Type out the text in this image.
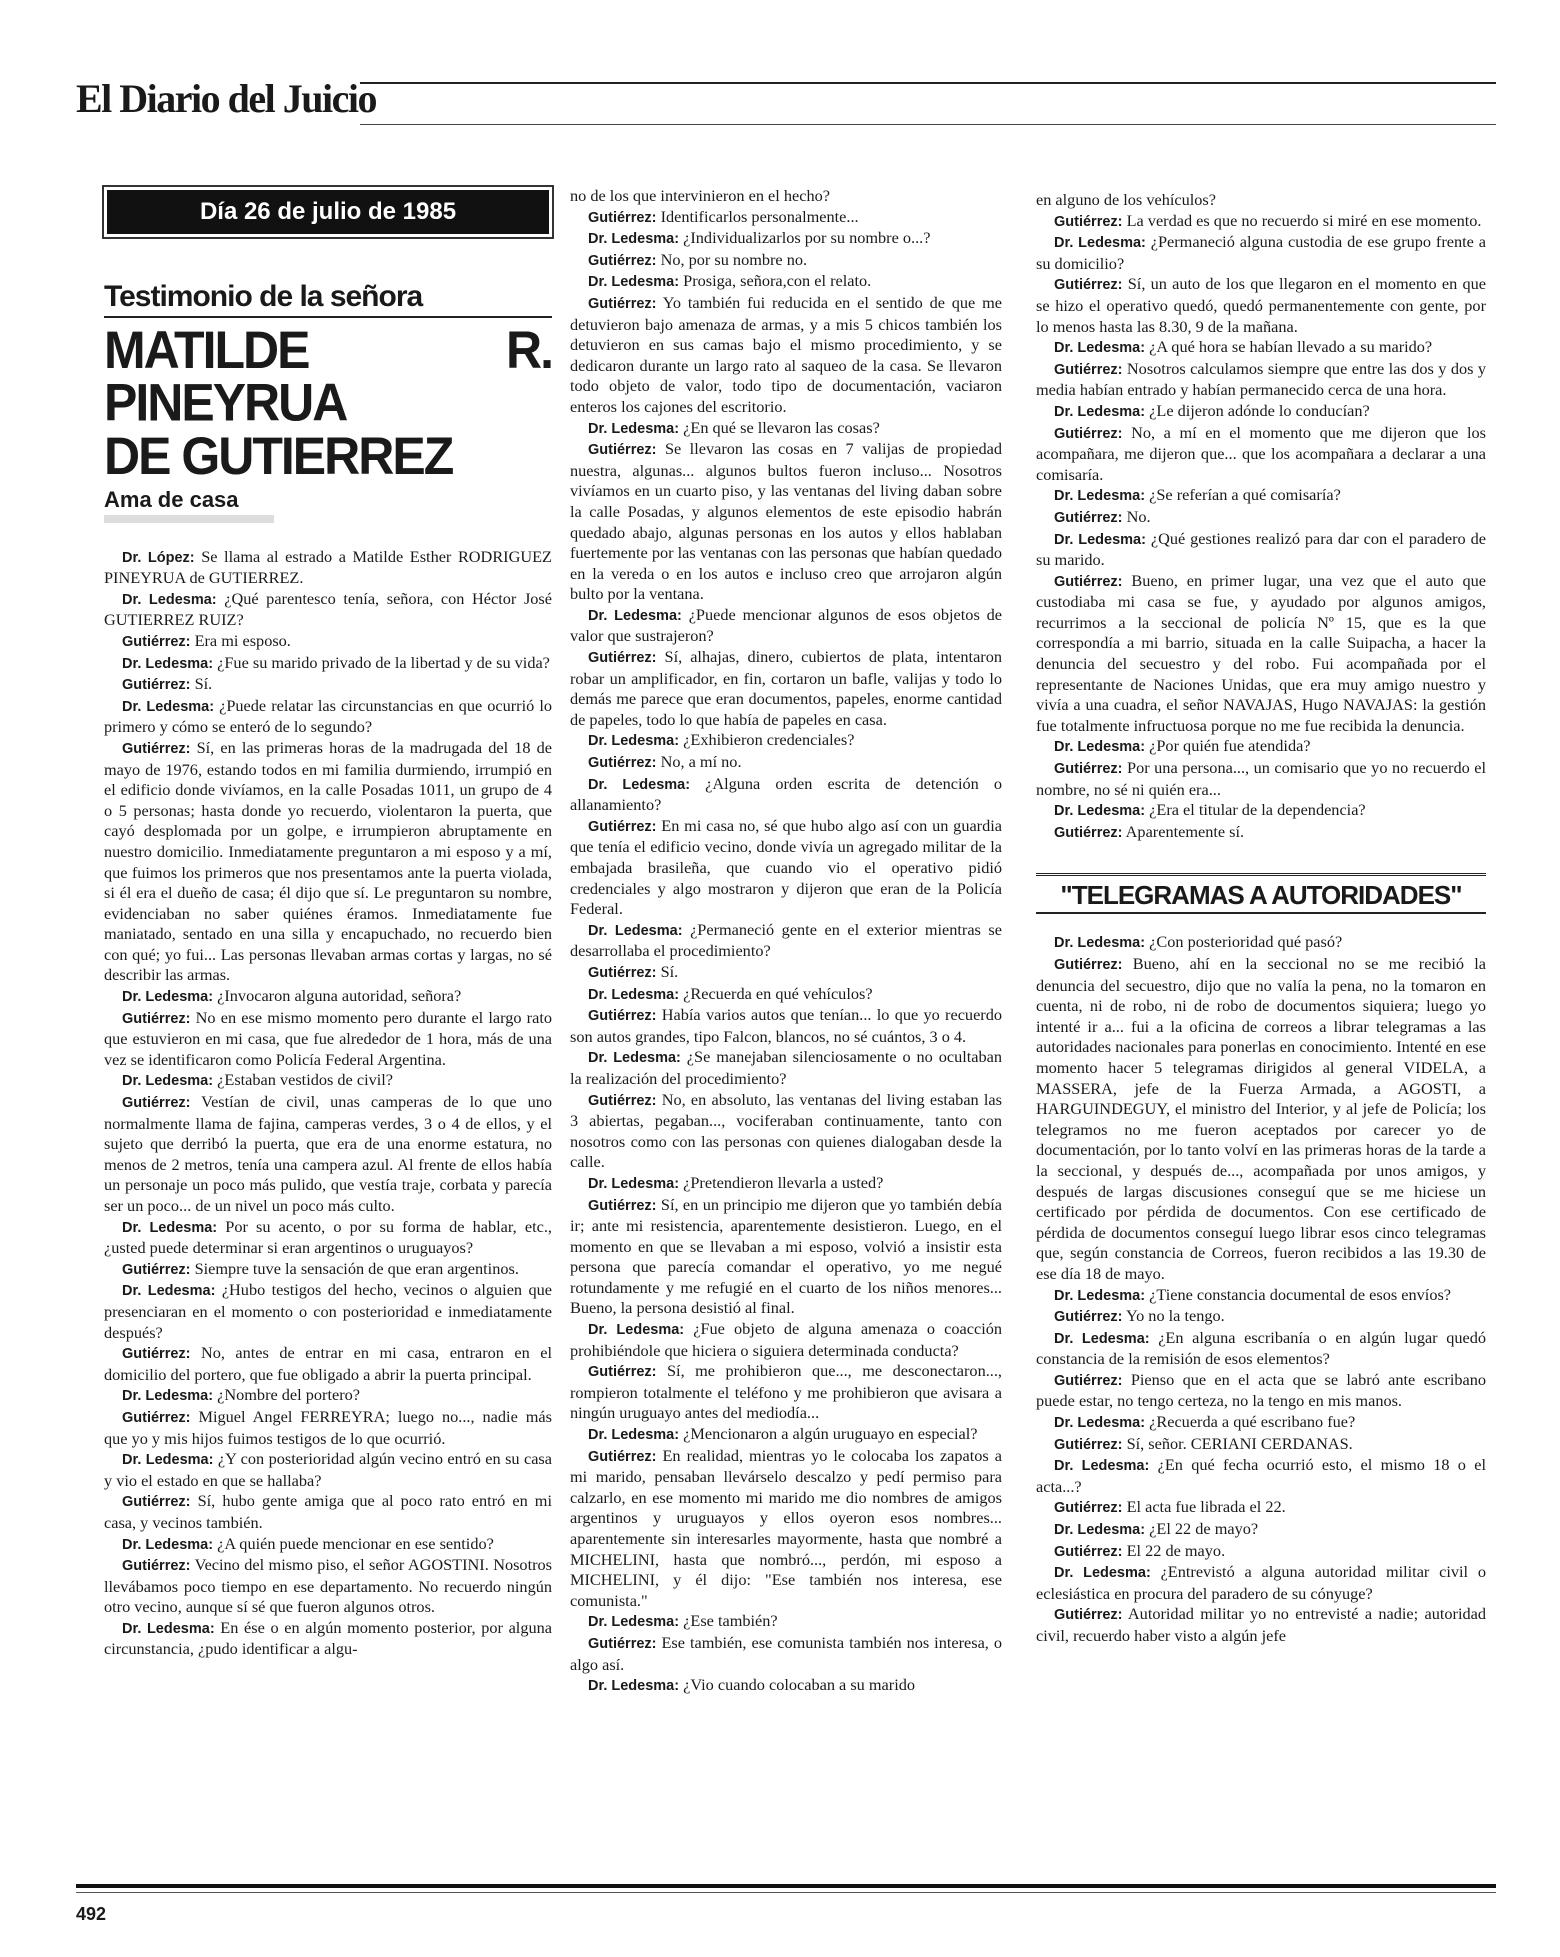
El Diario del Juicio
Día 26 de julio de 1985
Testimonio de la señora
MATILDE R. PINEYRUA
DE GUTIERREZ
Ama de casa

Dr. López: Se llama al estrado a Matilde Esther RODRIGUEZ PINEYRUA de GUTIERREZ.

Dr. Ledesma: ¿Qué parentesco tenía, señora, con Héctor José GUTIERREZ RUIZ?

Gutiérrez: Era mi esposo.

Dr. Ledesma: ¿Fue su marido privado de la libertad y de su vida?

Gutiérrez: Sí.

Dr. Ledesma: ¿Puede relatar las circunstancias en que ocurrió lo primero y cómo se enteró de lo segundo?

Gutiérrez: Sí, en las primeras horas de la madrugada del 18 de mayo de 1976, estando todos en mi familia durmiendo, irrumpió en el edificio donde vivíamos, en la calle Posadas 1011, un grupo de 4 o 5 personas; hasta donde yo recuerdo, violentaron la puerta, que cayó desplomada por un golpe, e irrumpieron abruptamente en nuestro domicilio. Inmediatamente preguntaron a mi esposo y a mí, que fuimos los primeros que nos presentamos ante la puerta violada, si él era el dueño de casa; él dijo que sí. Le preguntaron su nombre, evidenciaban no saber quiénes éramos. Inmediatamente fue maniatado, sentado en una silla y encapuchado, no recuerdo bien con qué; yo fui... Las personas llevaban armas cortas y largas, no sé describir las armas.

Dr. Ledesma: ¿Invocaron alguna autoridad, señora?

Gutiérrez: No en ese mismo momento pero durante el largo rato que estuvieron en mi casa, que fue alrededor de 1 hora, más de una vez se identificaron como Policía Federal Argentina.

Dr. Ledesma: ¿Estaban vestidos de civil?

Gutiérrez: Vestían de civil, unas camperas de lo que uno normalmente llama de fajina, camperas verdes, 3 o 4 de ellos, y el sujeto que derribó la puerta, que era de una enorme estatura, no menos de 2 metros, tenía una campera azul. Al frente de ellos había un personaje un poco más pulido, que vestía traje, corbata y parecía ser un poco... de un nivel un poco más culto.

Dr. Ledesma: Por su acento, o por su forma de hablar, etc., ¿usted puede determinar si eran argentinos o uruguayos?

Gutiérrez: Siempre tuve la sensación de que eran argentinos.

Dr. Ledesma: ¿Hubo testigos del hecho, vecinos o alguien que presenciaran en el momento o con posterioridad e inmediatamente después?

Gutiérrez: No, antes de entrar en mi casa, entraron en el domicilio del portero, que fue obligado a abrir la puerta principal.

Dr. Ledesma: ¿Nombre del portero?

Gutiérrez: Miguel Angel FERREYRA; luego no..., nadie más que yo y mis hijos fuimos testigos de lo que ocurrió.

Dr. Ledesma: ¿Y con posterioridad algún vecino entró en su casa y vio el estado en que se hallaba?

Gutiérrez: Sí, hubo gente amiga que al poco rato entró en mi casa, y vecinos también.

Dr. Ledesma: ¿A quién puede mencionar en ese sentido?

Gutiérrez: Vecino del mismo piso, el señor AGOSTINI. Nosotros llevábamos poco tiempo en ese departamento. No recuerdo ningún otro vecino, aunque sí sé que fueron algunos otros.

Dr. Ledesma: En ése o en algún momento posterior, por alguna circunstancia, ¿pudo identificar a algu-

no de los que intervinieron en el hecho?

Gutiérrez: Identificarlos personalmente...

Dr. Ledesma: ¿Individualizarlos por su nombre o...?

Gutiérrez: No, por su nombre no.

Dr. Ledesma: Prosiga, señora,con el relato.

Gutiérrez: Yo también fui reducida en el sentido de que me detuvieron bajo amenaza de armas, y a mis 5 chicos también los detuvieron en sus camas bajo el mismo procedimiento, y se dedicaron durante un largo rato al saqueo de la casa. Se llevaron todo objeto de valor, todo tipo de documentación, vaciaron enteros los cajones del escritorio.

Dr. Ledesma: ¿En qué se llevaron las cosas?

Gutiérrez: Se llevaron las cosas en 7 valijas de propiedad nuestra, algunas... algunos bultos fueron incluso... Nosotros vivíamos en un cuarto piso, y las ventanas del living daban sobre la calle Posadas, y algunos elementos de este episodio habrán quedado abajo, algunas personas en los autos y ellos hablaban fuertemente por las ventanas con las personas que habían quedado en la vereda o en los autos e incluso creo que arrojaron algún bulto por la ventana.

Dr. Ledesma: ¿Puede mencionar algunos de esos objetos de valor que sustrajeron?

Gutiérrez: Sí, alhajas, dinero, cubiertos de plata, intentaron robar un amplificador, en fin, cortaron un bafle, valijas y todo lo demás me parece que eran documentos, papeles, enorme cantidad de papeles, todo lo que había de papeles en casa.

Dr. Ledesma: ¿Exhibieron credenciales?

Gutiérrez: No, a mí no.

Dr. Ledesma: ¿Alguna orden escrita de detención o allanamiento?

Gutiérrez: En mi casa no, sé que hubo algo así con un guardia que tenía el edificio vecino, donde vivía un agregado militar de la embajada brasileña, que cuando vio el operativo pidió credenciales y algo mostraron y dijeron que eran de la Policía Federal.

Dr. Ledesma: ¿Permaneció gente en el exterior mientras se desarrollaba el procedimiento?

Gutiérrez: Sí.

Dr. Ledesma: ¿Recuerda en qué vehículos?

Gutiérrez: Había varios autos que tenían... lo que yo recuerdo son autos grandes, tipo Falcon, blancos, no sé cuántos, 3 o 4.

Dr. Ledesma: ¿Se manejaban silenciosamente o no ocultaban la realización del procedimiento?

Gutiérrez: No, en absoluto, las ventanas del living estaban las 3 abiertas, pegaban..., vociferaban continuamente, tanto con nosotros como con las personas con quienes dialogaban desde la calle.

Dr. Ledesma: ¿Pretendieron llevarla a usted?

Gutiérrez: Sí, en un principio me dijeron que yo también debía ir; ante mi resistencia, aparentemente desistieron. Luego, en el momento en que se llevaban a mi esposo, volvió a insistir esta persona que parecía comandar el operativo, yo me negué rotundamente y me refugié en el cuarto de los niños menores... Bueno, la persona desistió al final.

Dr. Ledesma: ¿Fue objeto de alguna amenaza o coacción prohibiéndole que hiciera o siguiera determinada conducta?

Gutiérrez: Sí, me prohibieron que..., me desconectaron..., rompieron totalmente el teléfono y me prohibieron que avisara a ningún uruguayo antes del mediodía...

Dr. Ledesma: ¿Mencionaron a algún uruguayo en especial?

Gutiérrez: En realidad, mientras yo le colocaba los zapatos a mi marido, pensaban llevárselo descalzo y pedí permiso para calzarlo, en ese momento mi marido me dio nombres de amigos argentinos y uruguayos y ellos oyeron esos nombres... aparentemente sin interesarles mayormente, hasta que nombré a MICHELINI, hasta que nombró..., perdón, mi esposo a MICHELINI, y él dijo: "Ese también nos interesa, ese comunista."

Dr. Ledesma: ¿Ese también?

Gutiérrez: Ese también, ese comunista también nos interesa, o algo así.

Dr. Ledesma: ¿Vio cuando colocaban a su marido

en alguno de los vehículos?

Gutiérrez: La verdad es que no recuerdo si miré en ese momento.

Dr. Ledesma: ¿Permaneció alguna custodia de ese grupo frente a su domicilio?

Gutiérrez: Sí, un auto de los que llegaron en el momento en que se hizo el operativo quedó, quedó permanentemente con gente, por lo menos hasta las 8.30, 9 de la mañana.

Dr. Ledesma: ¿A qué hora se habían llevado a su marido?

Gutiérrez: Nosotros calculamos siempre que entre las dos y dos y media habían entrado y habían permanecido cerca de una hora.

Dr. Ledesma: ¿Le dijeron adónde lo conducían?

Gutiérrez: No, a mí en el momento que me dijeron que los acompañara, me dijeron que... que los acompañara a declarar a una comisaría.

Dr. Ledesma: ¿Se referían a qué comisaría?

Gutiérrez: No.

Dr. Ledesma: ¿Qué gestiones realizó para dar con el paradero de su marido.

Gutiérrez: Bueno, en primer lugar, una vez que el auto que custodiaba mi casa se fue, y ayudado por algunos amigos, recurrimos a la seccional de policía Nº 15, que es la que correspondía a mi barrio, situada en la calle Suipacha, a hacer la denuncia del secuestro y del robo. Fui acompañada por el representante de Naciones Unidas, que era muy amigo nuestro y vivía a una cuadra, el señor NAVAJAS, Hugo NAVAJAS: la gestión fue totalmente infructuosa porque no me fue recibida la denuncia.

Dr. Ledesma: ¿Por quién fue atendida?

Gutiérrez: Por una persona..., un comisario que yo no recuerdo el nombre, no sé ni quién era...

Dr. Ledesma: ¿Era el titular de la dependencia?

Gutiérrez: Aparentemente sí.

"TELEGRAMAS A AUTORIDADES"

Dr. Ledesma: ¿Con posterioridad qué pasó?

Gutiérrez: Bueno, ahí en la seccional no se me recibió la denuncia del secuestro, dijo que no valía la pena, no la tomaron en cuenta, ni de robo, ni de robo de documentos siquiera; luego yo intenté ir a... fui a la oficina de correos a librar telegramas a las autoridades nacionales para ponerlas en conocimiento. Intenté en ese momento hacer 5 telegramas dirigidos al general VIDELA, a MASSERA, jefe de la Fuerza Armada, a AGOSTI, a HARGUINDEGUY, el ministro del Interior, y al jefe de Policía; los telegramos no me fueron aceptados por carecer yo de documentación, por lo tanto volví en las primeras horas de la tarde a la seccional, y después de..., acompañada por unos amigos, y después de largas discusiones conseguí que se me hiciese un certificado por pérdida de documentos. Con ese certificado de pérdida de documentos conseguí luego librar esos cinco telegramas que, según constancia de Correos, fueron recibidos a las 19.30 de ese día 18 de mayo.

Dr. Ledesma: ¿Tiene constancia documental de esos envíos?

Gutiérrez: Yo no la tengo.

Dr. Ledesma: ¿En alguna escribanía o en algún lugar quedó constancia de la remisión de esos elementos?

Gutiérrez: Pienso que en el acta que se labró ante escribano puede estar, no tengo certeza, no la tengo en mis manos.

Dr. Ledesma: ¿Recuerda a qué escribano fue?

Gutiérrez: Sí, señor. CERIANI CERDANAS.

Dr. Ledesma: ¿En qué fecha ocurrió esto, el mismo 18 o el acta...?

Gutiérrez: El acta fue librada el 22.

Dr. Ledesma: ¿El 22 de mayo?

Gutiérrez: El 22 de mayo.

Dr. Ledesma: ¿Entrevistó a alguna autoridad militar civil o eclesiástica en procura del paradero de su cónyuge?

Gutiérrez: Autoridad militar yo no entrevisté a nadie; autoridad civil, recuerdo haber visto a algún jefe

492
